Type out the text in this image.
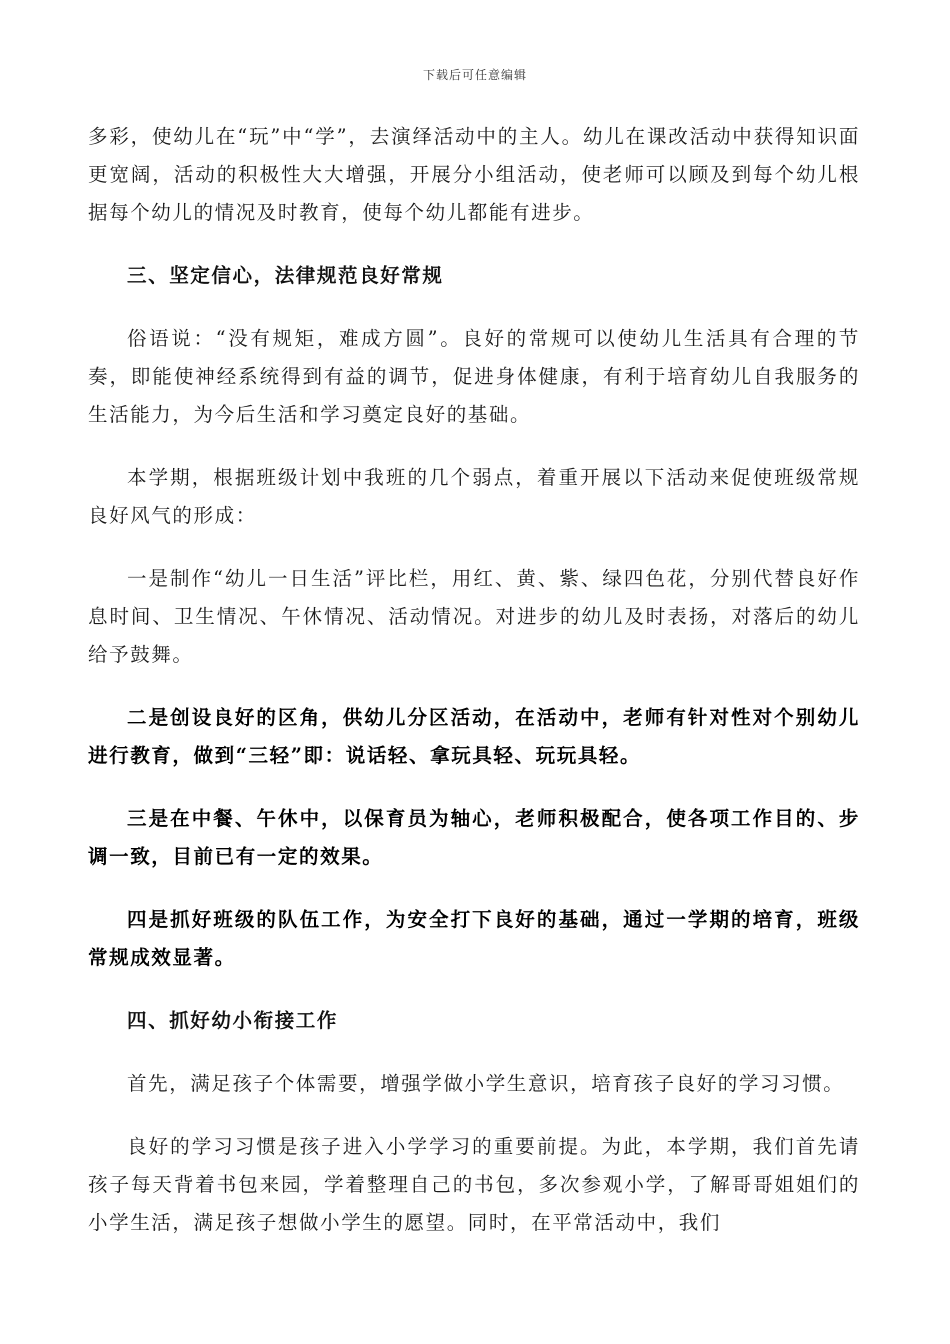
下载后可任意编辑

多彩，使幼儿在“玩”中“学”，去演绎活动中的主人。幼儿在课改活动中获得知识面更宽阔，活动的积极性大大增强，开展分小组活动，使老师可以顾及到每个幼儿根据每个幼儿的情况及时教育，使每个幼儿都能有进步。

三、坚定信心，法律规范良好常规

俗语说：“没有规矩，难成方圆”。良好的常规可以使幼儿生活具有合理的节奏，即能使神经系统得到有益的调节，促进身体健康，有利于培育幼儿自我服务的生活能力，为今后生活和学习奠定良好的基础。

本学期，根据班级计划中我班的几个弱点，着重开展以下活动来促使班级常规良好风气的形成：

一是制作“幼儿一日生活”评比栏，用红、黄、紫、绿四色花，分别代替良好作息时间、卫生情况、午休情况、活动情况。对进步的幼儿及时表扬，对落后的幼儿给予鼓舞。

二是创设良好的区角，供幼儿分区活动，在活动中，老师有针对性对个别幼儿进行教育，做到“三轻”即：说话轻、拿玩具轻、玩玩具轻。

三是在中餐、午休中，以保育员为轴心，老师积极配合，使各项工作目的、步调一致，目前已有一定的效果。

四是抓好班级的队伍工作，为安全打下良好的基础，通过一学期的培育，班级常规成效显著。

四、抓好幼小衔接工作

首先，满足孩子个体需要，增强学做小学生意识，培育孩子良好的学习习惯。

良好的学习习惯是孩子进入小学学习的重要前提。为此，本学期，我们首先请孩子每天背着书包来园，学着整理自己的书包，多次参观小学，了解哥哥姐姐们的小学生活，满足孩子想做小学生的愿望。同时，在平常活动中，我们
